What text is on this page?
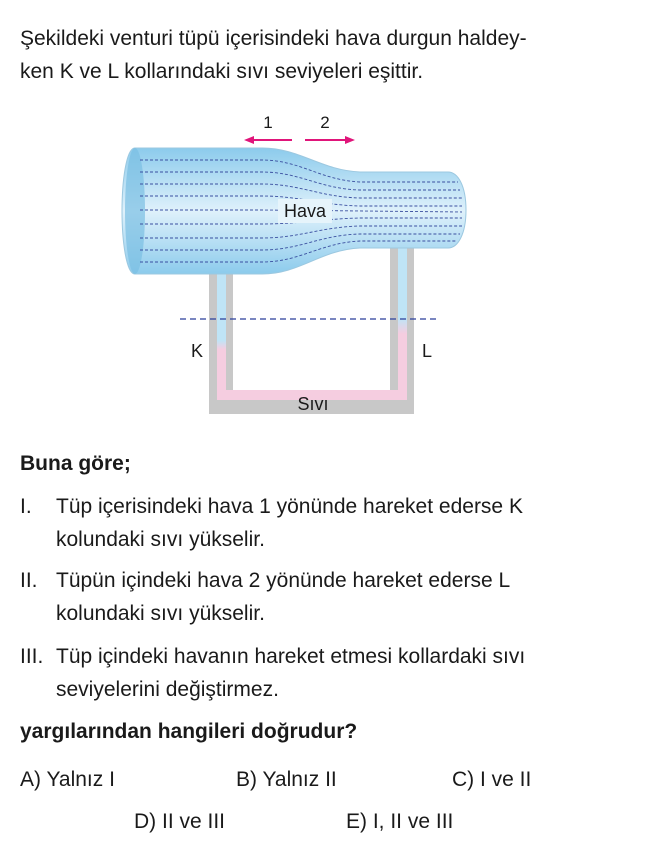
Şekildeki venturi tüpü içerisindeki hava durgun haldey-
ken K ve L kollarındaki sıvı seviyeleri eşittir.
1	2
Hava
K	L
Sıvı
Buna göre;
I. Tüp içerisindeki hava 1 yönünde hareket ederse K
kolundaki sıvı yükselir.
II. Tüpün içindeki hava 2 yönünde hareket ederse L
kolundaki sıvı yükselir.
III. Tüp içindeki havanın hareket etmesi kollardaki sıvı
seviyelerini değiştirmez.
yargılarından hangileri doğrudur?
A) Yalnız I	B) Yalnız II	C) I ve II
D) II ve III	E) I, II ve III
